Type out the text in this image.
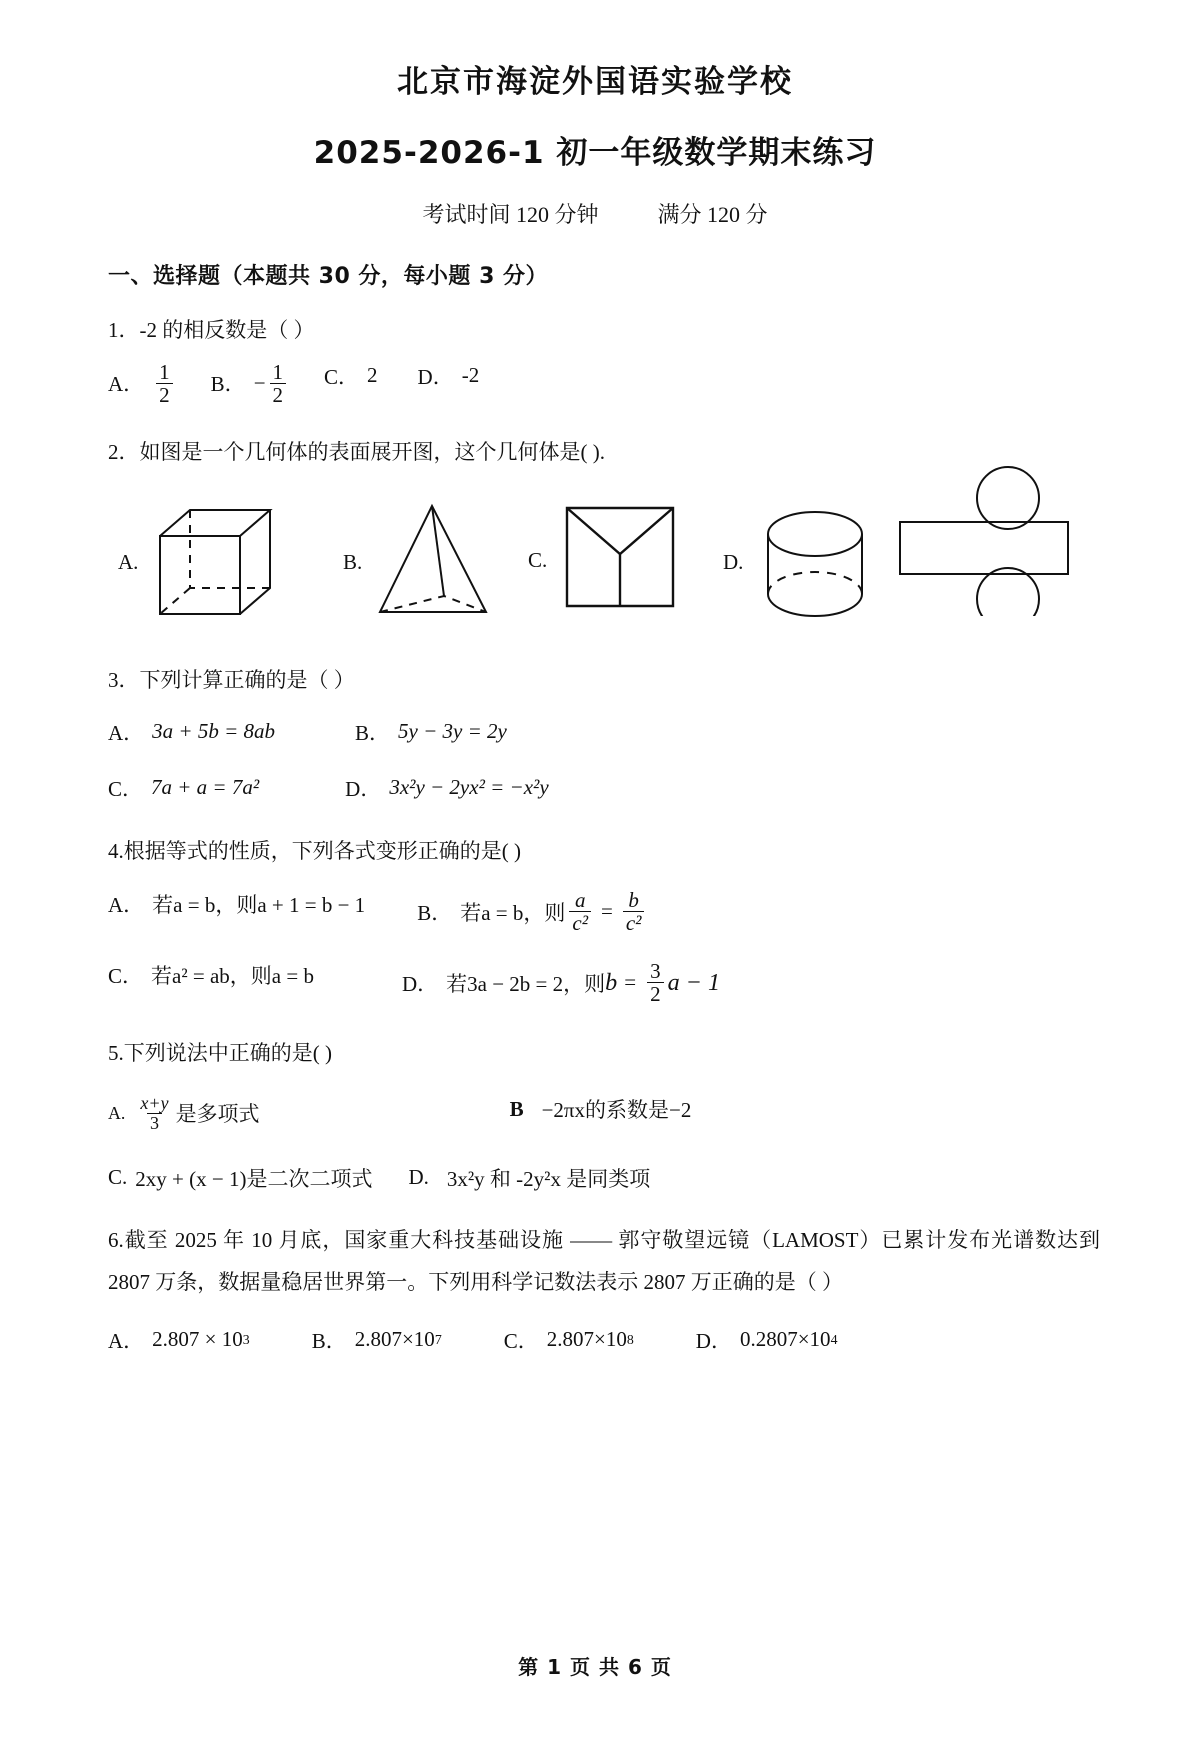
北京市海淀外国语实验学校
2025-2026-1 初一年级数学期末练习
考试时间 120 分钟	满分 120 分
一、选择题（本题共 30 分，每小题 3 分）
1．-2 的相反数是（ ）
A． $\frac{1}{2}$ B． − $\frac{1}{2}$ C． 2 D． -2
2．如图是一个几何体的表面展开图，这个几何体是( ).
A.	B.	C.	D.
3．下列计算正确的是（ ）
A． 3a + 5b = 8ab	B． 5y − 3y = 2y
C． 7a + a = 7a²	D． 3x²y − 2yx² = −x²y
4.根据等式的性质，下列各式变形正确的是( )
A． 若a = b，则a + 1 = b − 1 B． 若a = b，则 $\frac{a}{\text{c²}} = \frac{b}{\text{c²}}$
C． 若a² = ab，则a = b	D． 若3a − 2b = 2，则 $b = \frac{3}{2}$ a − 1
5.下列说法中正确的是( )
A. $\frac{x+y}{3}$ 是多项式	B −2πx的系数是−2
C. 2xy + (x − 1)是二次二项式 D. 3x²y 和 -2y²x 是同类项
6.截至 2025 年 10 月底，国家重大科技基础设施 —— 郭守敬望远镜（LAMOST）已累计发布光谱数达到 2807 万条，数据量稳居世界第一。下列用科学记数法表示 2807 万正确的是（ ）
A． 2.807 × 10 3	B． 2.807×10 7	C． 2.807×10 8	D． 0.2807×10 4
第 1 页 共 6 页
